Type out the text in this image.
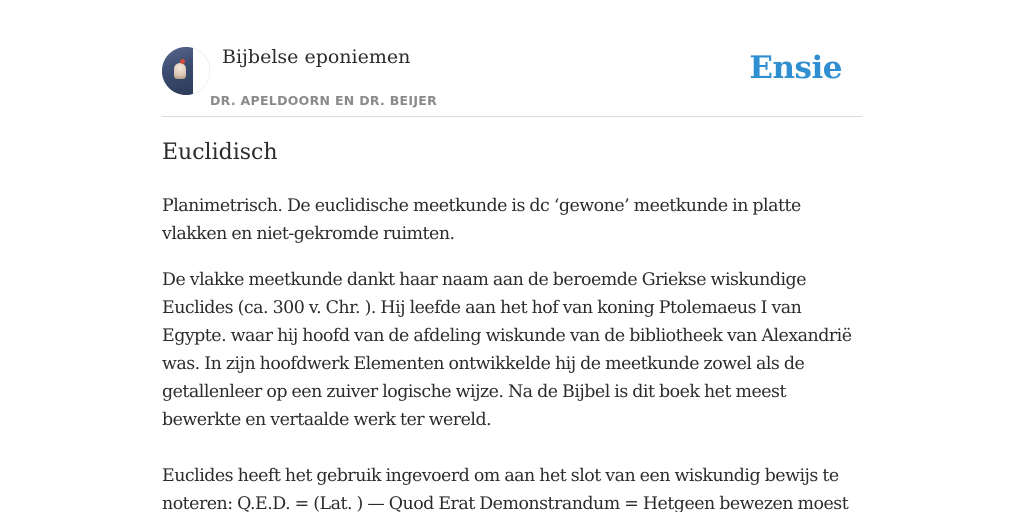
Bijbelse eponiemen
DR. APELDOORN EN DR. BEIJER
Ensie
Euclidisch

Planimetrisch. De euclidische meetkunde is dc ‘gewone’ meetkunde in platte vlakken en niet-gekromde ruimten.

De vlakke meetkunde dankt haar naam aan de beroemde Griekse wiskundige Euclides (ca. 300 v. Chr. ). Hij leefde aan het hof van koning Ptolemaeus I van Egypte. waar hij hoofd van de afdeling wiskunde van de bibliotheek van Alexandrië was. In zijn hoofdwerk Elementen ontwikkelde hij de meetkunde zowel als de getallenleer op een zuiver logische wijze. Na de Bijbel is dit boek het meest bewerkte en vertaalde werk ter wereld.

Euclides heeft het gebruik ingevoerd om aan het slot van een wiskundig bewijs te noteren: Q.E.D. = (Lat. ) — Quod Erat Demonstrandum = Hetgeen bewezen moest
